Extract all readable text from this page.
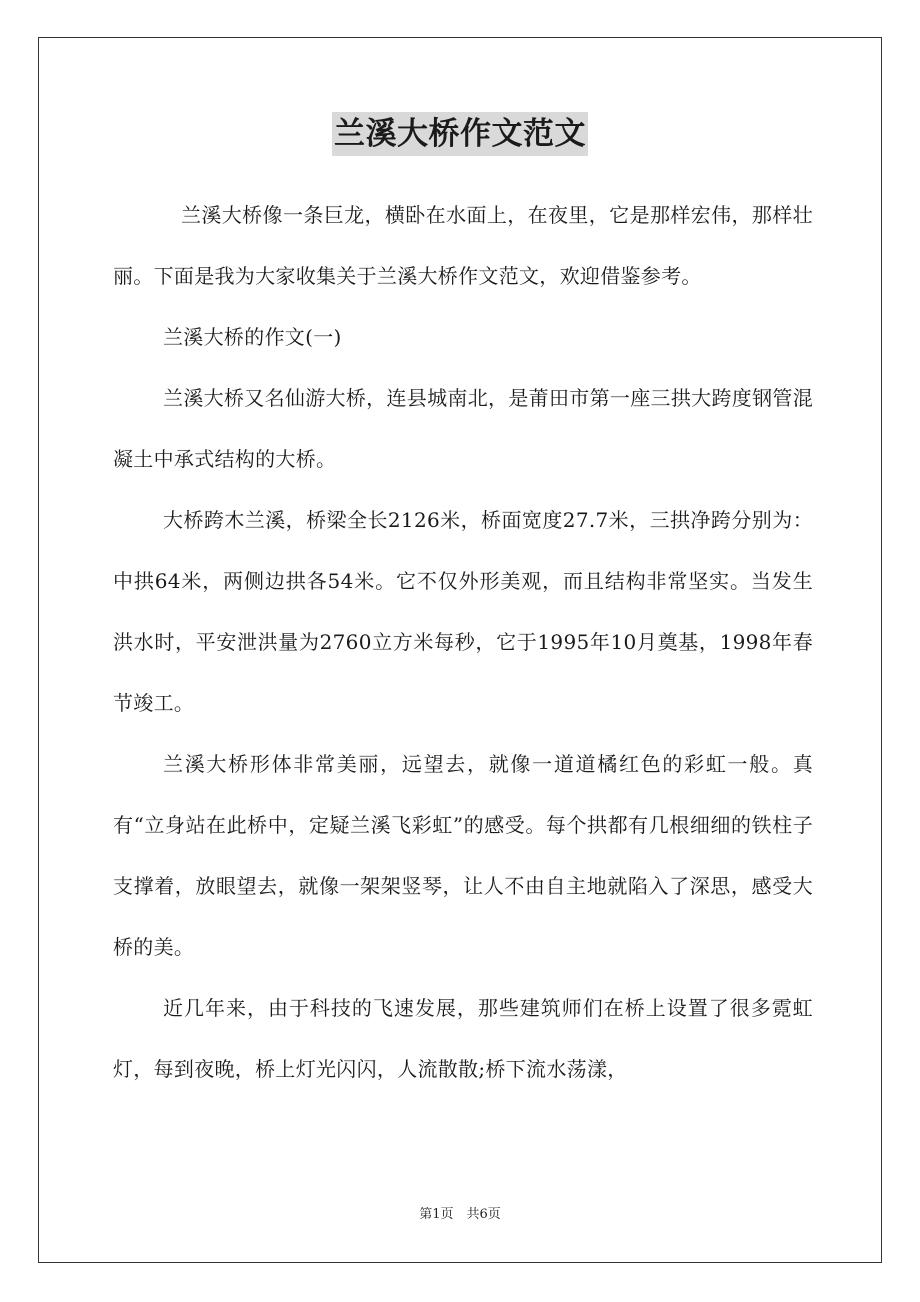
兰溪大桥作文范文

兰溪大桥像一条巨龙，横卧在水面上，在夜里，它是那样宏伟，那样壮丽。下面是我为大家收集关于兰溪大桥作文范文，欢迎借鉴参考。

兰溪大桥的作文(一)

兰溪大桥又名仙游大桥，连县城南北，是莆田市第一座三拱大跨度钢管混凝土中承式结构的大桥。

大桥跨木兰溪，桥梁全长2126米，桥面宽度27.7米，三拱净跨分别为：中拱64米，两侧边拱各54米。它不仅外形美观，而且结构非常坚实。当发生洪水时，平安泄洪量为2760立方米每秒，它于1995年10月奠基，1998年春节竣工。

兰溪大桥形体非常美丽，远望去，就像一道道橘红色的彩虹一般。真有“立身站在此桥中，定疑兰溪飞彩虹”的感受。每个拱都有几根细细的铁柱子支撑着，放眼望去，就像一架架竖琴，让人不由自主地就陷入了深思，感受大桥的美。

近几年来，由于科技的飞速发展，那些建筑师们在桥上设置了很多霓虹灯，每到夜晚，桥上灯光闪闪，人流散散;桥下流水荡漾，

第1页　共6页
